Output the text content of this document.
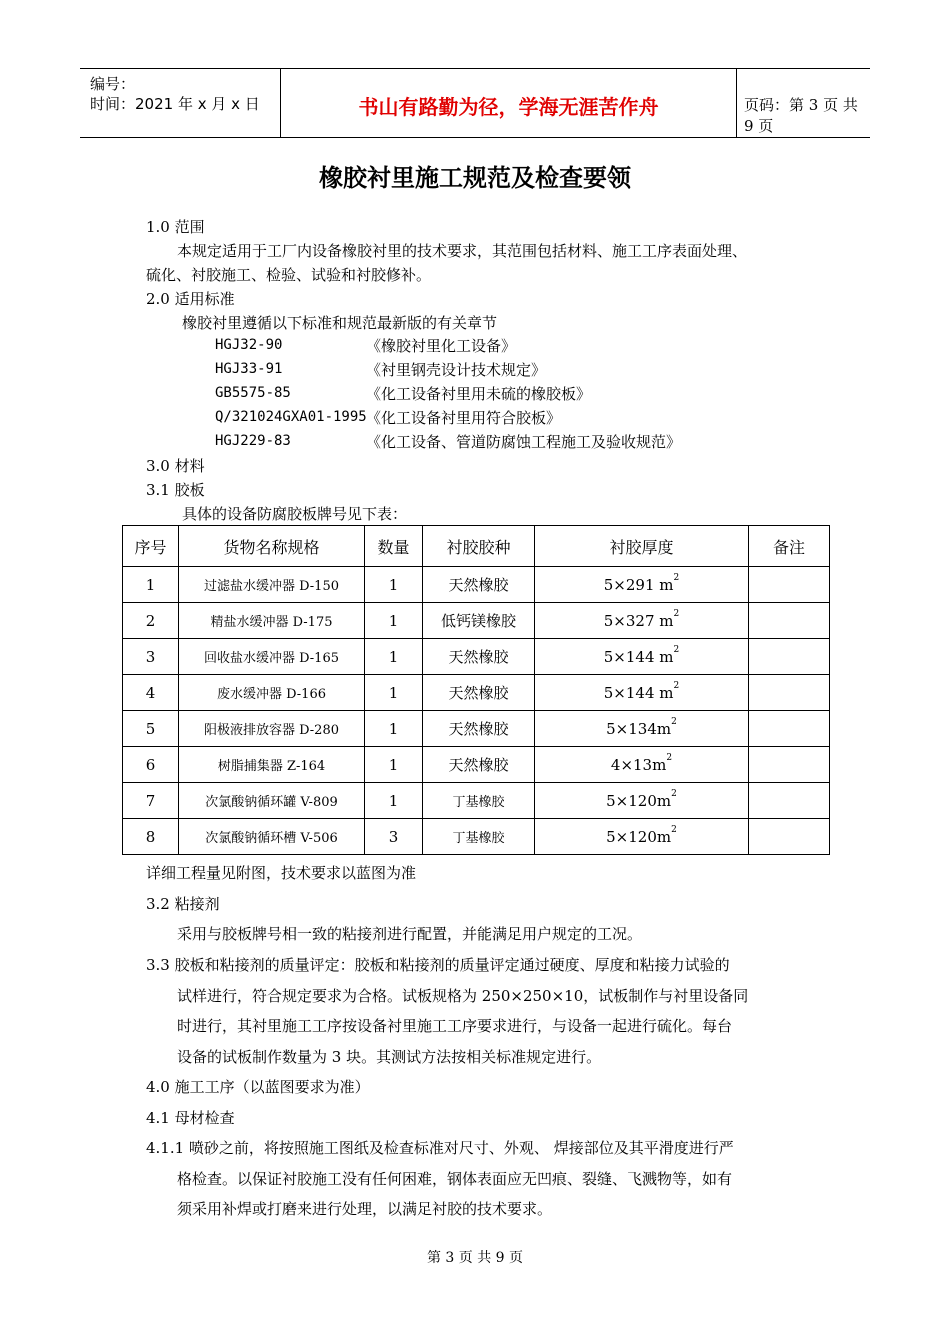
编号：
时间：2021 年 x 月 x 日	书山有路勤为径，学海无涯苦作舟	页码：第 3 页 共 9 页
橡胶衬里施工规范及检查要领
1.0 范围
本规定适用于工厂内设备橡胶衬里的技术要求，其范围包括材料、施工工序表面处理、
硫化、衬胶施工、检验、试验和衬胶修补。
2.0 适用标准
橡胶衬里遵循以下标准和规范最新版的有关章节
HGJ32-90	《橡胶衬里化工设备》
HGJ33-91	《衬里钢壳设计技术规定》
GB5575-85	《化工设备衬里用未硫的橡胶板》
Q/321024GXA01-1995 《化工设备衬里用符合胶板》
HGJ229-83	《化工设备、管道防腐蚀工程施工及验收规范》
3.0 材料
3.1 胶板
具体的设备防腐胶板牌号见下表：
序号	货物名称规格	数量	衬胶胶种	衬胶厚度	备注
1	过滤盐水缓冲器 D-150	1	天然橡胶	5×291 $m^2$	
2	精盐水缓冲器 D-175	1	低钙镁橡胶	5×327 $m^2$	
3	回收盐水缓冲器 D-165	1	天然橡胶	5×144 $m^2$	
4	废水缓冲器 D-166	1	天然橡胶	5×144 $m^2$	
5	阳极液排放容器 D-280	1	天然橡胶	$5\times 134m^2$	
6	树脂捕集器 Z-164	1	天然橡胶	$4\times 13m^2$	
7	次氯酸钠循环罐 V-809	1	丁基橡胶	$5\times 120m^2$	
8	次氯酸钠循环槽 V-506	3	丁基橡胶	$5\times 120m^2$	
详细工程量见附图，技术要求以蓝图为准
3.2 粘接剂
采用与胶板牌号相一致的粘接剂进行配置，并能满足用户规定的工况。
3.3 胶板和粘接剂的质量评定：胶板和粘接剂的质量评定通过硬度、厚度和粘接力试验的
试样进行，符合规定要求为合格。试板规格为 250×250×10，试板制作与衬里设备同
时进行，其衬里施工工序按设备衬里施工工序要求进行，与设备一起进行硫化。每台
设备的试板制作数量为 3 块。其测试方法按相关标准规定进行。
4.0 施工工序（以蓝图要求为准）
4.1 母材检查
4.1.1 喷砂之前，将按照施工图纸及检查标准对尺寸、外观、 焊接部位及其平滑度进行严
格检查。以保证衬胶施工没有任何困难，钢体表面应无凹痕、裂缝、飞溅物等，如有
须采用补焊或打磨来进行处理，以满足衬胶的技术要求。
第 3 页 共 9 页
